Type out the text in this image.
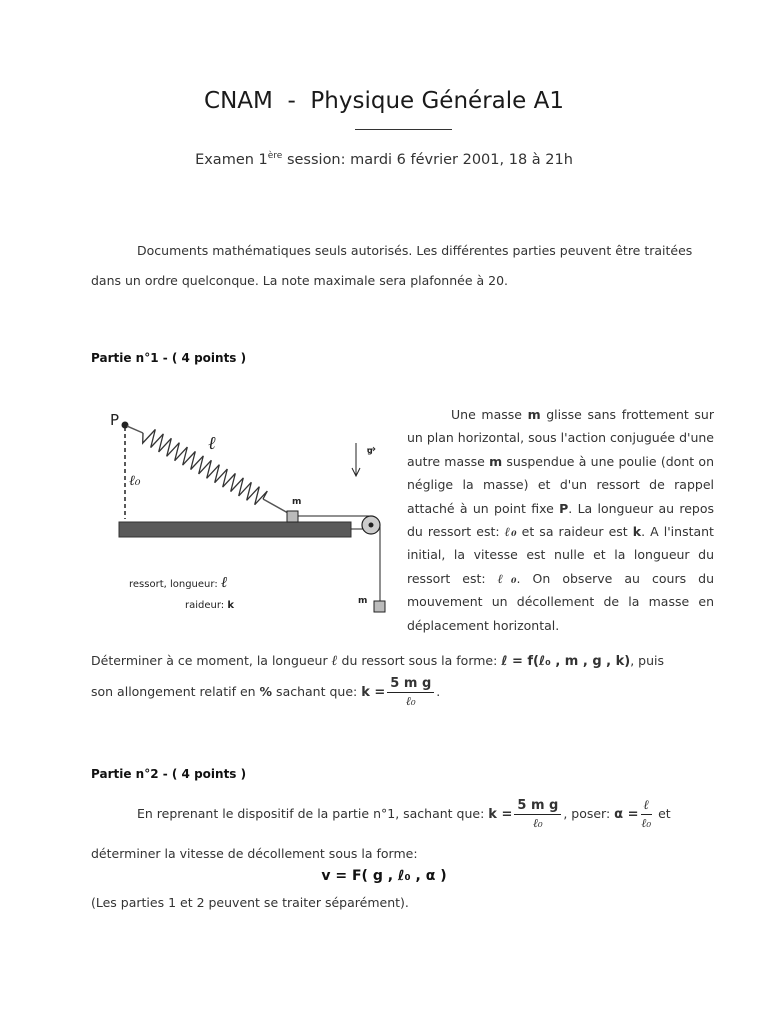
CNAM  -  Physique Générale A1
Examen 1ère session: mardi 6 février 2001, 18 à 21h
Documents mathématiques seuls autorisés. Les différentes parties peuvent être traitées
dans un ordre quelconque. La note maximale sera plafonnée à 20.
Partie n°1 - ( 4 points )
P
ℓ
ℓ₀
g
m
m
ressort, longueur: ℓ
raideur: k
Une masse m glisse sans frottement sur un plan horizontal, sous l'action conjuguée d'une autre masse m suspendue à une poulie (dont on néglige la masse) et d'un ressort de rappel attaché à un point fixe P. La longueur au repos du ressort est: ℓ₀ et sa raideur est k. A l'instant initial, la vitesse est nulle et la longueur du ressort est: ℓ₀. On observe au cours du mouvement un décollement de la masse en déplacement horizontal.
Déterminer à ce moment, la longueur ℓ du ressort sous la forme: ℓ = f(ℓ₀ , m , g , k), puis
son allongement relatif en % sachant que: $k = \frac{\text{5 m g}}{\text{ℓ₀}}$ .
Partie n°2 - ( 4 points )
En reprenant le dispositif de la partie n°1, sachant que: $k = \frac{\text{5 m g}}{\text{ℓ₀}}$ , poser: $\alpha = \frac{\text{ℓ}}{\text{ℓ₀}}$ et
déterminer la vitesse de décollement sous la forme:
v = F( g , ℓ₀ , α )
(Les parties 1 et 2 peuvent se traiter séparément).
